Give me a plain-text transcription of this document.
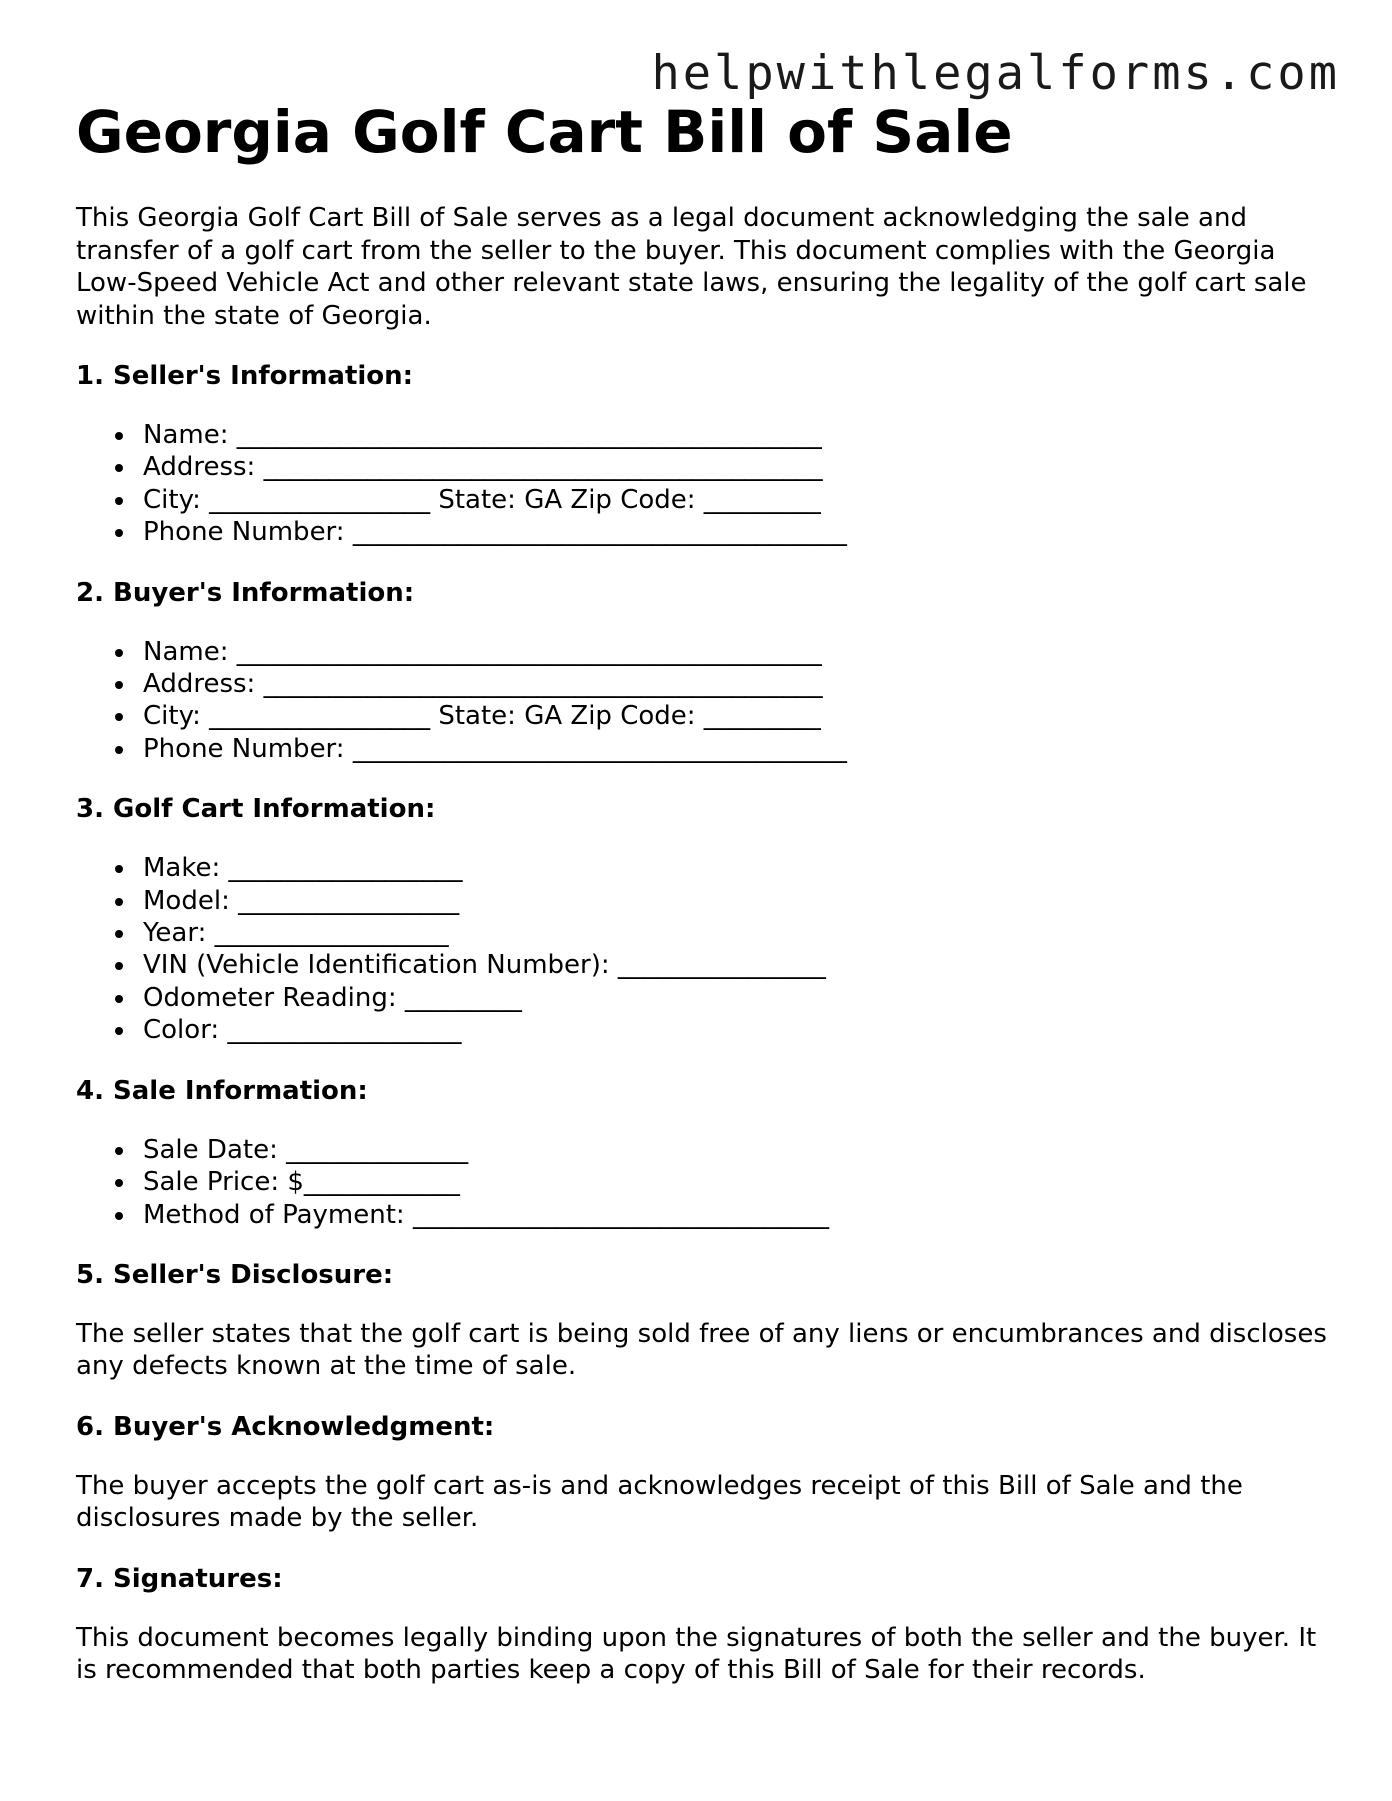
helpwithlegalforms.com
Georgia Golf Cart Bill of Sale

This Georgia Golf Cart Bill of Sale serves as a legal document acknowledging the sale and transfer of a golf cart from the seller to the buyer. This document complies with the Georgia Low-Speed Vehicle Act and other relevant state laws, ensuring the legality of the golf cart sale within the state of Georgia.

1. Seller's Information:
Name: _____________________________________________
Address: ___________________________________________
City: _________________ State: GA Zip Code: _________
Phone Number: ______________________________________
2. Buyer's Information:
Name: _____________________________________________
Address: ___________________________________________
City: _________________ State: GA Zip Code: _________
Phone Number: ______________________________________
3. Golf Cart Information:
Make: __________________
Model: _________________
Year: __________________
VIN (Vehicle Identification Number): ________________
Odometer Reading: _________
Color: __________________
4. Sale Information:
Sale Date: ______________
Sale Price: $____________
Method of Payment: ________________________________
5. Seller's Disclosure:

The seller states that the golf cart is being sold free of any liens or encumbrances and discloses any defects known at the time of sale.

6. Buyer's Acknowledgment:

The buyer accepts the golf cart as-is and acknowledges receipt of this Bill of Sale and the disclosures made by the seller.

7. Signatures:

This document becomes legally binding upon the signatures of both the seller and the buyer. It is recommended that both parties keep a copy of this Bill of Sale for their records.
